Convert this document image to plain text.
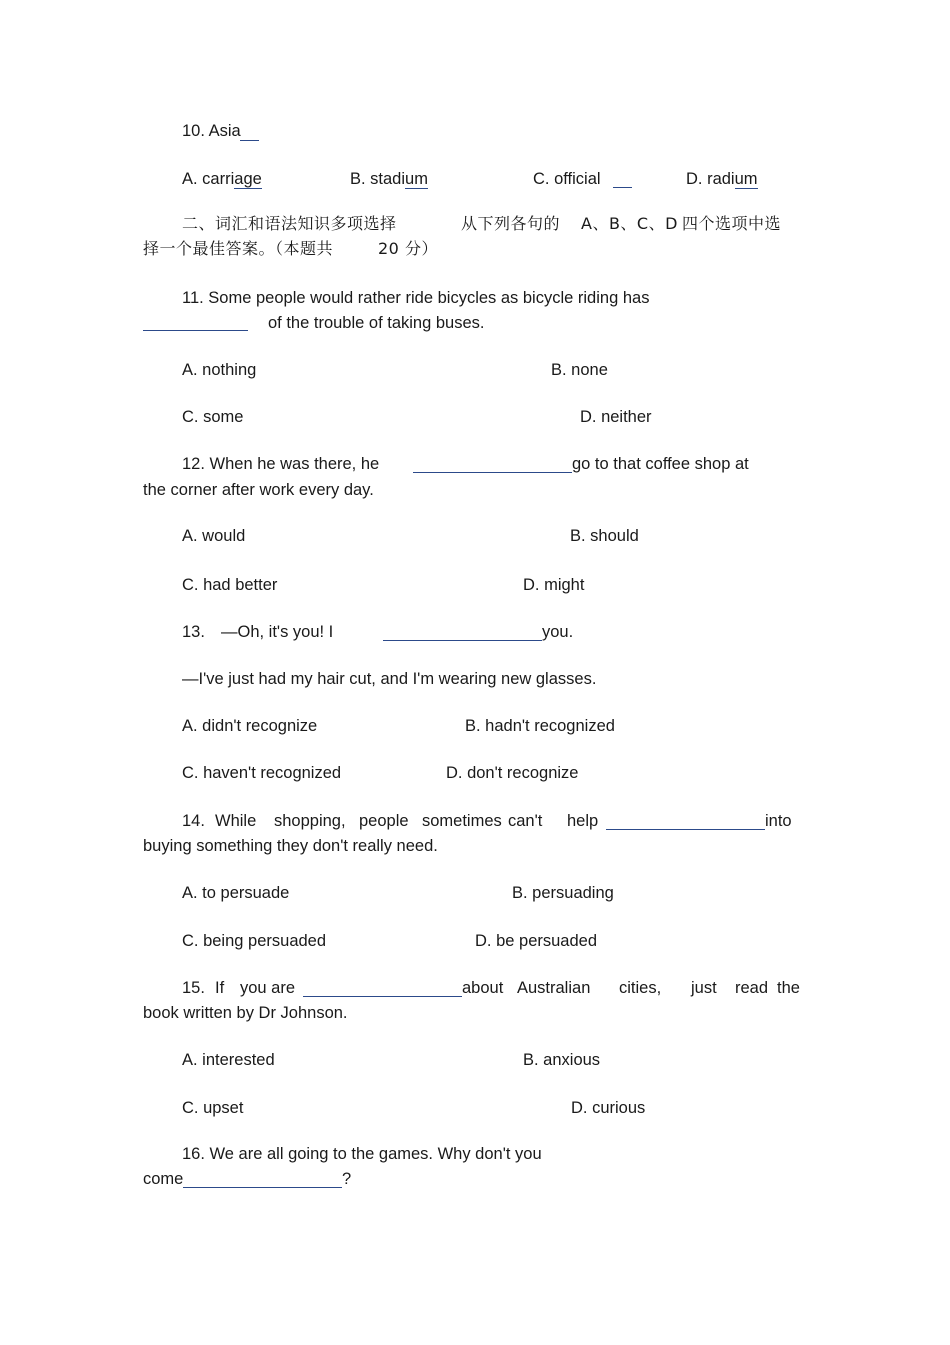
10. Asia
A. carriage	B. stadium	C. official	D. radium
二、词汇和语法知识多项选择	从下列各句的 A、B、C、D 四个选项中选
择一个最佳答案。（本题共	20 分）
11. Some people would rather ride bicycles as bicycle riding has
of the trouble of taking buses.
A. nothing	B. none
C. some	D. neither
12. When he was there, he	go to that coffee shop at
the corner after work every day.
A. would	B. should
C. had better	D. might
13. —Oh, it's you! I	you.
—I've just had my hair cut, and I'm wearing new glasses.
A. didn't recognize	B. hadn't recognized
C. haven't recognized	D. don't recognize
14. While shopping, people sometimes can't help	into
buying something they don't really need.
A. to persuade	B. persuading
C. being persuaded	D. be persuaded
15. If you are	about Australian cities, just read the
book written by Dr Johnson.
A. interested	B. anxious
C. upset	D. curious
16. We are all going to the games. Why don't you
come	?
